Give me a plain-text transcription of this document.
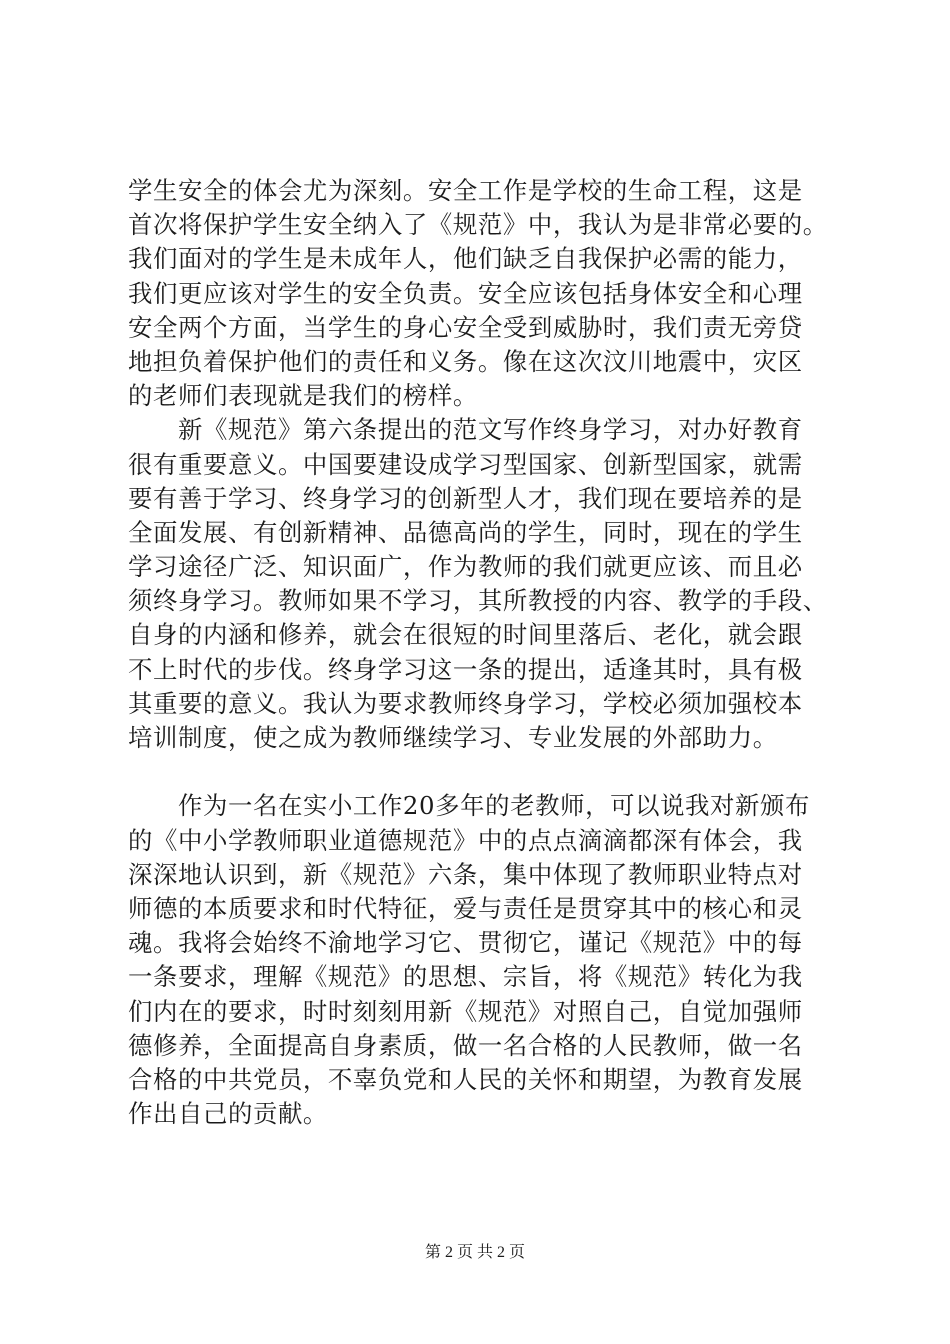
学生安全的体会尤为深刻。安全工作是学校的生命工程，这是
首次将保护学生安全纳入了《规范》中，我认为是非常必要的。
我们面对的学生是未成年人，他们缺乏自我保护必需的能力，
我们更应该对学生的安全负责。安全应该包括身体安全和心理
安全两个方面，当学生的身心安全受到威胁时，我们责无旁贷
地担负着保护他们的责任和义务。像在这次汶川地震中，灾区
的老师们表现就是我们的榜样。
新《规范》第六条提出的范文写作终身学习，对办好教育
很有重要意义。中国要建设成学习型国家、创新型国家，就需
要有善于学习、终身学习的创新型人才，我们现在要培养的是
全面发展、有创新精神、品德高尚的学生，同时，现在的学生
学习途径广泛、知识面广，作为教师的我们就更应该、而且必
须终身学习。教师如果不学习，其所教授的内容、教学的手段、
自身的内涵和修养，就会在很短的时间里落后、老化，就会跟
不上时代的步伐。终身学习这一条的提出，适逢其时，具有极
其重要的意义。我认为要求教师终身学习，学校必须加强校本
培训制度，使之成为教师继续学习、专业发展的外部助力。
作为一名在实小工作20多年的老教师，可以说我对新颁布
的《中小学教师职业道德规范》中的点点滴滴都深有体会，我
深深地认识到，新《规范》六条，集中体现了教师职业特点对
师德的本质要求和时代特征，爱与责任是贯穿其中的核心和灵
魂。我将会始终不渝地学习它、贯彻它，谨记《规范》中的每
一条要求，理解《规范》的思想、宗旨，将《规范》转化为我
们内在的要求，时时刻刻用新《规范》对照自己，自觉加强师
德修养，全面提高自身素质，做一名合格的人民教师，做一名
合格的中共党员，不辜负党和人民的关怀和期望，为教育发展
作出自己的贡献。
第 2 页 共 2 页
